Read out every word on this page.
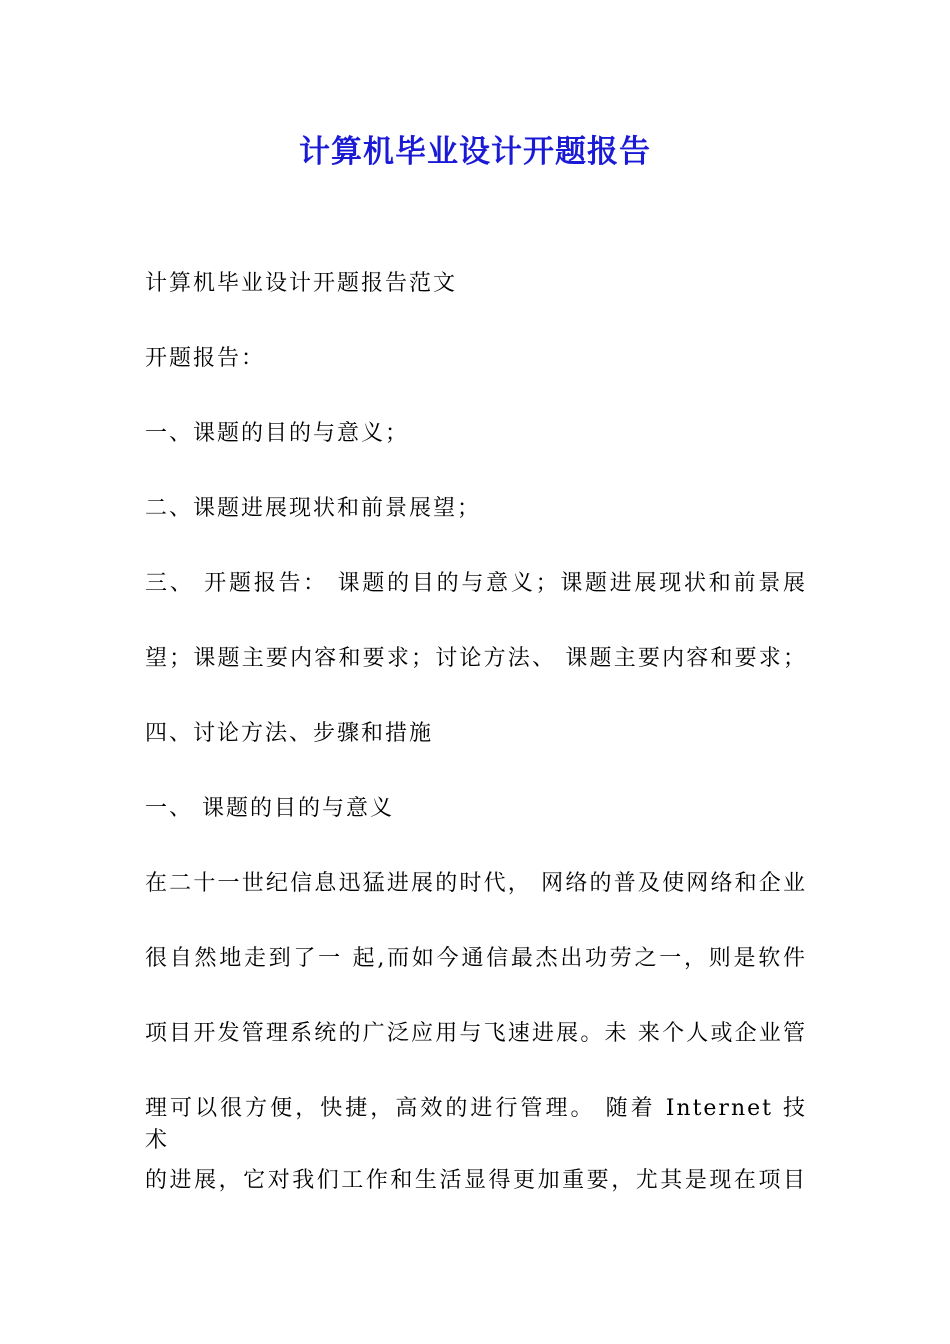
计算机毕业设计开题报告
计算机毕业设计开题报告范文
开题报告：
一、课题的目的与意义；
二、课题进展现状和前景展望；
三、 开题报告： 课题的目的与意义；课题进展现状和前景展
望；课题主要内容和要求；讨论方法、 课题主要内容和要求；
四、讨论方法、步骤和措施
一、 课题的目的与意义
在二十一世纪信息迅猛进展的时代， 网络的普及使网络和企业
很自然地走到了一 起,而如今通信最杰出功劳之一，则是软件
项目开发管理系统的广泛应用与飞速进展。未 来个人或企业管
理可以很方便，快捷，高效的进行管理。 随着 Internet 技术
的进展，它对我们工作和生活显得更加重要，尤其是现在项目
